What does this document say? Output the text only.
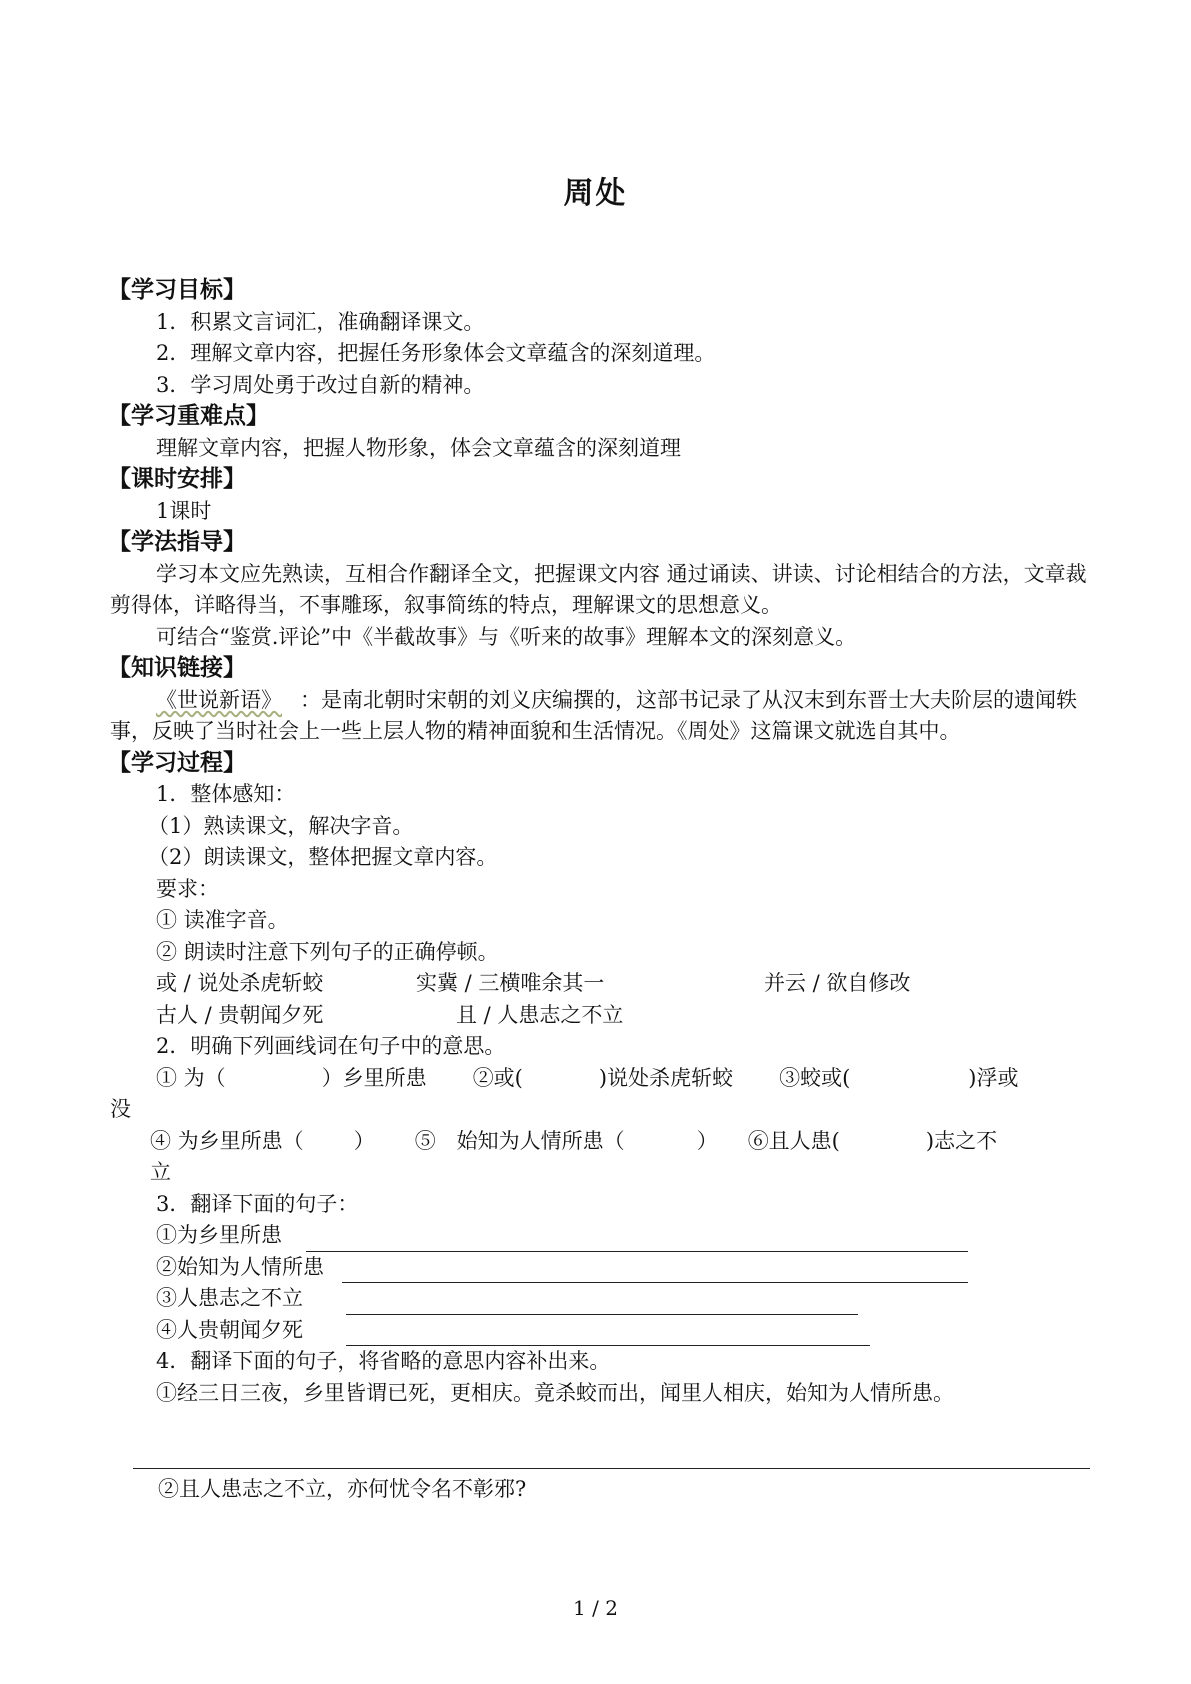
周处
【学习目标】
1．积累文言词汇，准确翻译课文。
2．理解文章内容，把握任务形象体会文章蕴含的深刻道理。
3．学习周处勇于改过自新的精神。
【学习重难点】
理解文章内容，把握人物形象，体会文章蕴含的深刻道理
【课时安排】
1课时
【学法指导】

学习本文应先熟读，互相合作翻译全文，把握课文内容 通过诵读、讲读、讨论相结合的方法，文章裁剪得体，详略得当，不事雕琢，叙事简练的特点，理解课文的思想意义。

可结合“鉴赏.评论”中《半截故事》与《听来的故事》理解本文的深刻意义。

【知识链接】

《世说新语》 ：是南北朝时宋朝的刘义庆编撰的，这部书记录了从汉末到东晋士大夫阶层的遗闻轶事，反映了当时社会上一些上层人物的精神面貌和生活情况。《周处》这篇课文就选自其中。

【学习过程】
1．整体感知：
（1）熟读课文，解决字音。
（2）朗读课文，整体把握文章内容。
要求：
① 读准字音。
② 朗读时注意下列句子的正确停顿。
或 / 说处杀虎斩蛟	实冀 / 三横唯余其一	并云 / 欲自修改
古人 / 贵朝闻夕死	且 / 人患志之不立
2．明确下列画线词在句子中的意思。
① 为（	）乡里所患 ②或(	)说处杀虎斩蛟 ③蛟或(	)浮或
没
④ 为乡里所患（ ） ⑤　始知为人情所患（	） ⑥且人患(	)志之不
立
3．翻译下面的句子：
①为乡里所患
②始知为人情所患
③人患志之不立
④人贵朝闻夕死
4．翻译下面的句子，将省略的意思内容补出来。
①经三日三夜，乡里皆谓已死，更相庆。竟杀蛟而出，闻里人相庆，始知为人情所患。
②且人患志之不立，亦何忧令名不彰邪?
1 / 2
